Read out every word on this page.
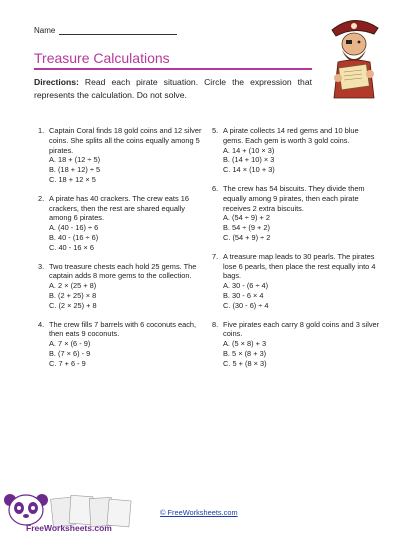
Name
Treasure Calculations
Directions: Read each pirate situation. Circle the expression that represents the calculation. Do not solve.
1. Captain Coral finds 18 gold coins and 12 silver coins. She splits all the coins equally among 5 pirates.
A. 18 + (12 ÷ 5)
B. (18 + 12) ÷ 5
C. 18 + 12 × 5
2. A pirate has 40 crackers. The crew eats 16 crackers, then the rest are shared equally among 6 pirates.
A. (40 - 16) ÷ 6
B. 40 - (16 ÷ 6)
C. 40 - 16 × 6
3. Two treasure chests each hold 25 gems. The captain adds 8 more gems to the collection.
A. 2 × (25 + 8)
B. (2 + 25) × 8
C. (2 × 25) + 8
4. The crew fills 7 barrels with 6 coconuts each, then eats 9 coconuts.
A. 7 × (6 - 9)
B. (7 × 6) - 9
C. 7 + 6 - 9
5. A pirate collects 14 red gems and 10 blue gems. Each gem is worth 3 gold coins.
A. 14 + (10 × 3)
B. (14 + 10) × 3
C. 14 × (10 + 3)
6. The crew has 54 biscuits. They divide them equally among 9 pirates, then each pirate receives 2 extra biscuits.
A. (54 ÷ 9) + 2
B. 54 ÷ (9 + 2)
C. (54 + 9) ÷ 2
7. A treasure map leads to 30 pearls. The pirates lose 6 pearls, then place the rest equally into 4 bags.
A. 30 - (6 ÷ 4)
B. 30 - 6 × 4
C. (30 - 6) ÷ 4
8. Five pirates each carry 8 gold coins and 3 silver coins.
A. (5 × 8) + 3
B. 5 × (8 + 3)
C. 5 + (8 × 3)
FreeWorksheets.com
© FreeWorksheets.com
